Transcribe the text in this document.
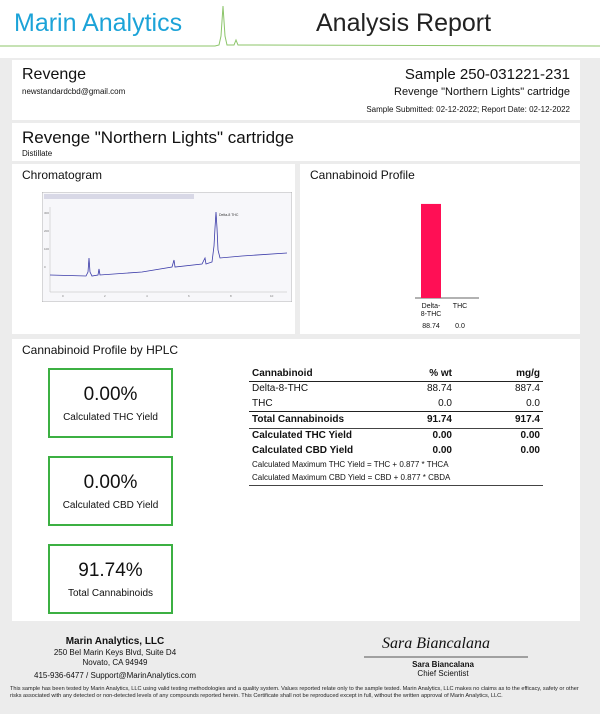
Marin Analytics	Analysis Report
Revenge
newstandardcbd@gmail.com
Sample 250-031221-231
Revenge "Northern Lights" cartridge
Sample Submitted: 02-12-2022; Report Date: 02-12-2022
Revenge "Northern Lights" cartridge
Distillate
Chromatogram
300
200
100
0
0	2	4	6	8	10
Delta-8 THC
Cannabinoid Profile
Delta-8-THC
88.74
THC
0.0
Cannabinoid Profile by HPLC
0.00%
Calculated THC Yield
0.00%
Calculated CBD Yield
91.74%
Total Cannabinoids
Cannabinoid	% wt	mg/g
Delta-8-THC	88.74	887.4
THC	0.0	0.0
Total Cannabinoids	91.74	917.4
Calculated THC Yield	0.00	0.00
Calculated CBD Yield	0.00	0.00
Calculated Maximum THC Yield = THC + 0.877 * THCA
Calculated Maximum CBD Yield = CBD + 0.877 * CBDA
Marin Analytics, LLC
250 Bel Marin Keys Blvd, Suite D4
Novato, CA 94949
415-936-6477 / Support@MarinAnalytics.com
Sara Biancalana
Sara Biancalana
Chief Scientist
This sample has been tested by Marin Analytics, LLC using valid testing methodologies and a quality system. Values reported relate only to the sample tested. Marin Analytics, LLC makes no claims as to the efficacy, safety or other risks associated with any detected or non-detected levels of any compounds reported herein. This Certificate shall not be reproduced except in full, without the written approval of Marin Analytics, LLC.
